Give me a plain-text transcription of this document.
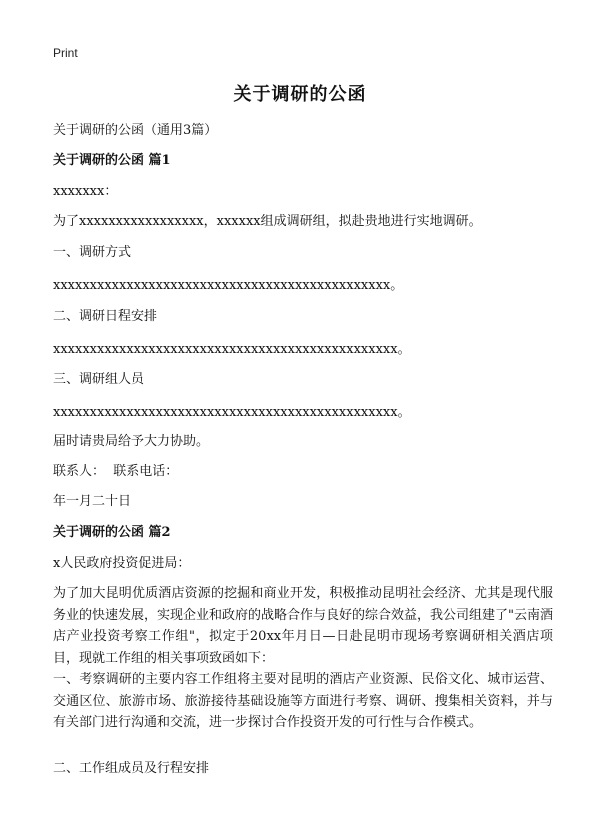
Print
关于调研的公函
关于调研的公函（通用3篇）
关于调研的公函 篇1
xxxxxxx：
为了xxxxxxxxxxxxxxxxx，xxxxxx组成调研组，拟赴贵地进行实地调研。
一、调研方式
xxxxxxxxxxxxxxxxxxxxxxxxxxxxxxxxxxxxxxxxxxxxxx。
二、调研日程安排
xxxxxxxxxxxxxxxxxxxxxxxxxxxxxxxxxxxxxxxxxxxxxxx。
三、调研组人员
xxxxxxxxxxxxxxxxxxxxxxxxxxxxxxxxxxxxxxxxxxxxxxx。
届时请贵局给予大力协助。
联系人：  联系电话：
年一月二十日
关于调研的公函 篇2
x人民政府投资促进局：
为了加大昆明优质酒店资源的挖掘和商业开发，积极推动昆明社会经济、尤其是现代服务业的快速发展，实现企业和政府的战略合作与良好的综合效益，我公司组建了"云南酒店产业投资考察工作组"，拟定于20xx年月日—日赴昆明市现场考察调研相关酒店项目，现就工作组的相关事项致函如下：
一、考察调研的主要内容工作组将主要对昆明的酒店产业资源、民俗文化、城市运营、交通区位、旅游市场、旅游接待基础设施等方面进行考察、调研、搜集相关资料，并与有关部门进行沟通和交流，进一步探讨合作投资开发的可行性与合作模式。
二、工作组成员及行程安排
